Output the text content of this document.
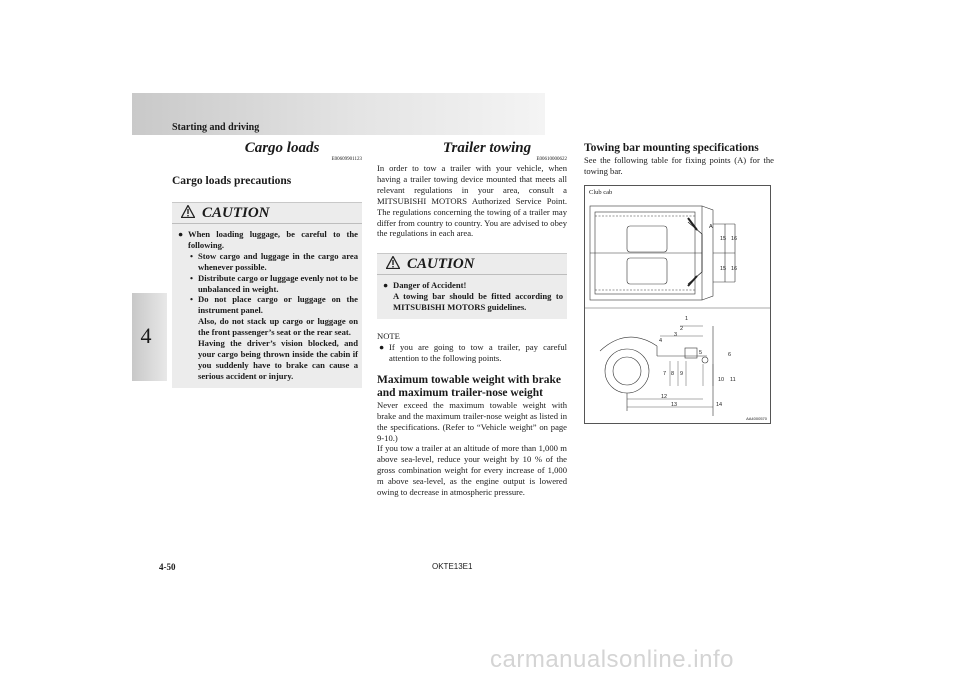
Starting and driving
4
Cargo loads
E00609901123
Cargo loads precautions
CAUTION
● When loading luggage, be careful to the following.
• Stow cargo and luggage in the cargo area whenever possible.
• Distribute cargo or luggage evenly not to be unbalanced in weight.
• Do not place cargo or luggage on the instrument panel.
Also, do not stack up cargo or luggage on the front passenger’s seat or the rear seat.
Having the driver’s vision blocked, and your cargo being thrown inside the cabin if you suddenly have to brake can cause a serious accident or injury.
Trailer towing
E00610000622
In order to tow a trailer with your vehicle, when having a trailer towing device mounted that meets all relevant regulations in your area, consult a MITSUBISHI MOTORS Authorized Service Point. The regulations concerning the towing of a trailer may differ from country to country. You are advised to obey the regulations in each area.
CAUTION
● Danger of Accident!
A towing bar should be fitted according to MITSUBISHI MOTORS guidelines.
NOTE
● If you are going to tow a trailer, pay careful attention to the following points.
Maximum towable weight with brake and maximum trailer-nose weight
Never exceed the maximum towable weight with brake and the maximum trailer-nose weight as listed in the specifications. (Refer to “Vehicle weight” on page 9-10.)
If you tow a trailer at an altitude of more than 1,000 m above sea-level, reduce your weight by 10 % of the gross combination weight for every increase of 1,000 m above sea-level, as the engine output is lowered owing to decrease in atmospheric pressure.
Towing bar mounting specifications
See the following table for fixing points (A) for the towing bar.
Club cab
A
15 16
15 16
1
2
3
4
5	6
7 8 9
10 11
12
13	14
AA4000570
4-50	OKTE13E1
carmanualsonline.info
